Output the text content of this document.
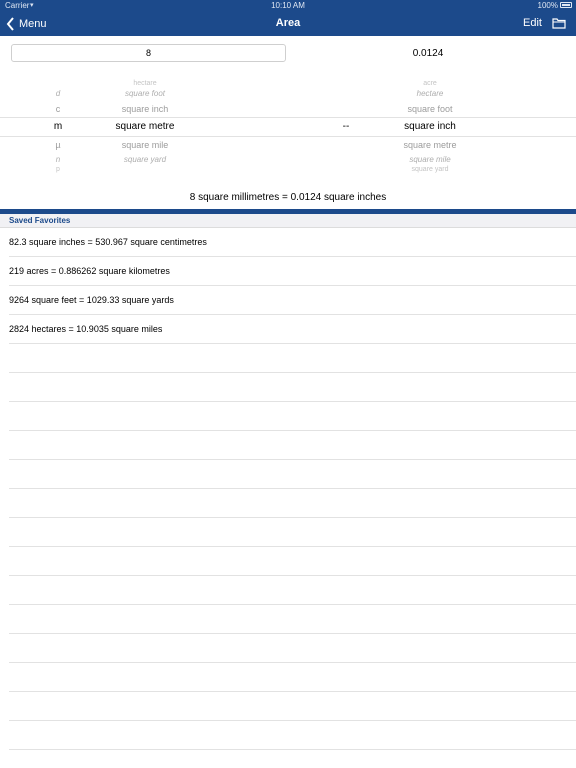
Carrier ▾	10:10 AM	100%
Menu	Area	Edit
8	0.0124
hectare	acre
d	square foot	hectare
c	square inch	square foot
m	square metre	--	square inch
µ	square mile	square metre
n	square yard	square mile
p	square yard
8 square millimetres = 0.0124 square inches
Saved Favorites
82.3 square inches = 530.967 square centimetres
219 acres = 0.886262 square kilometres
9264 square feet = 1029.33 square yards
2824 hectares = 10.9035 square miles
